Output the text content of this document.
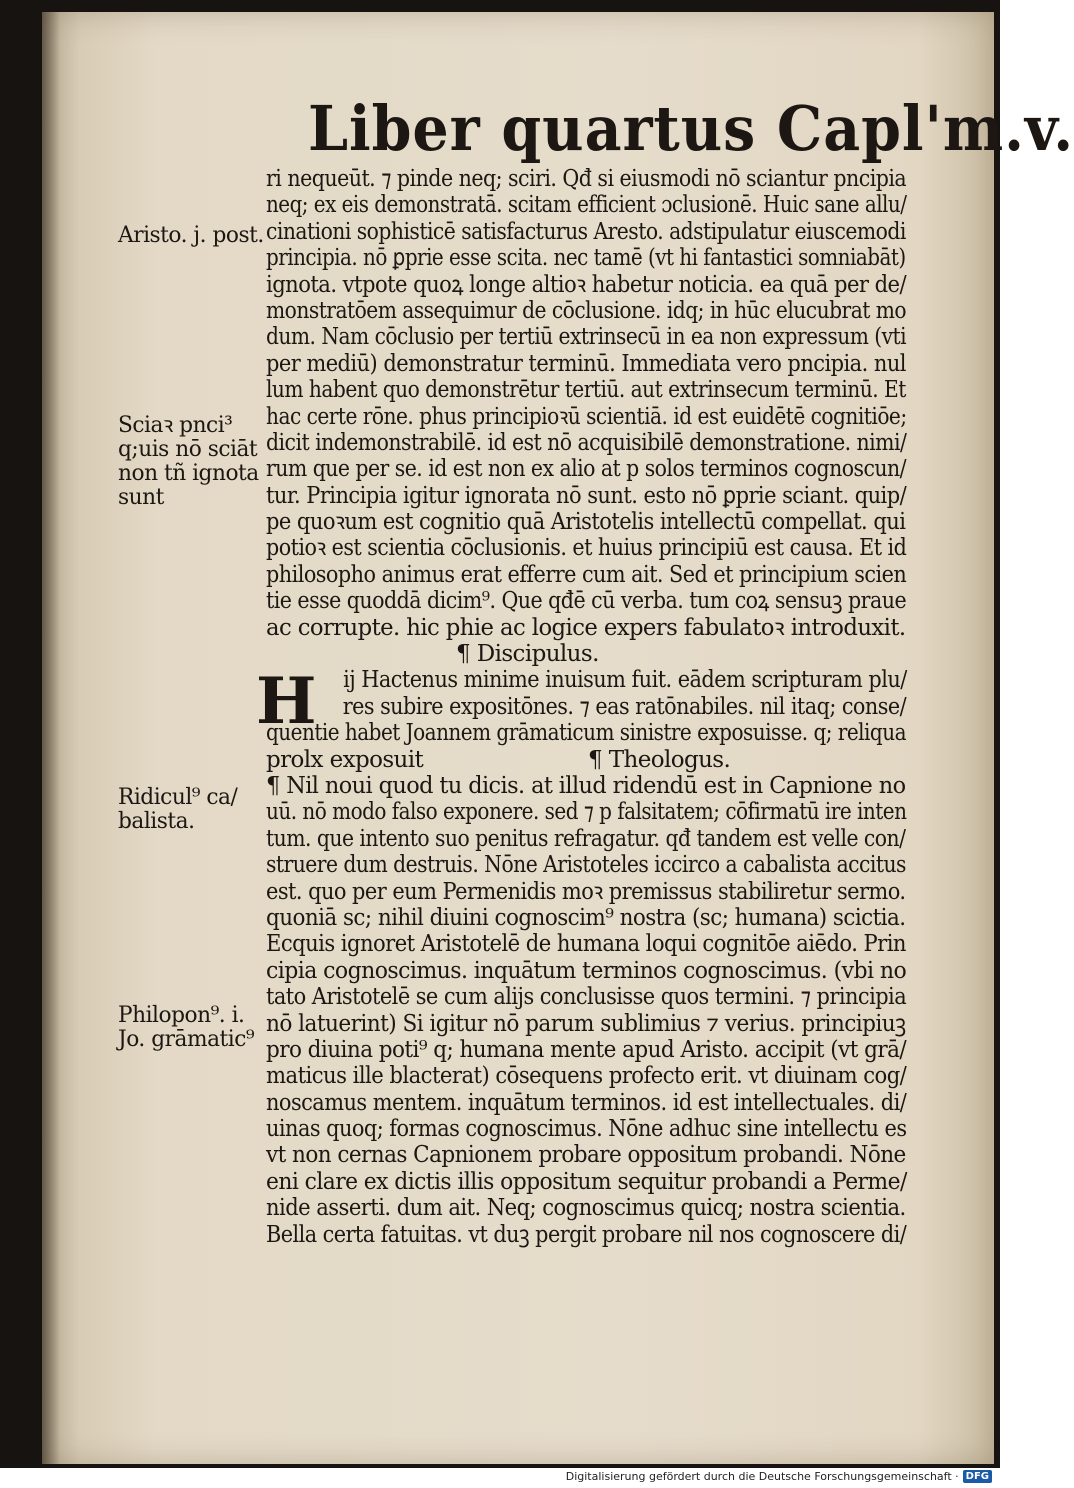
Liber quartus Capl'm.v.
ri nequeūt. ⁊ pinde neq; sciri. Qđ si eiusmodi nō sciantur pncipia
neq; ex eis demonstratā. scitam efficient ɔclusionē. Huic sane allu/
cinationi sophisticē satisfacturus Aresto. adstipulatur eiuscemodi
principia. nō ꝑprie esse scita. nec tamē (vt hi fantastici somniabāt)
ignota. vtpote quoꝝ longe altioꝛ habetur noticia. ea quā per de/
monstratōem assequimur de cōclusione. idq; in hūc elucubrat mo
dum. Nam cōclusio per tertiū extrinsecū in ea non expressum (vti
per mediū) demonstratur terminū. Immediata vero pncipia. nul
lum habent quo demonstrētur tertiū. aut extrinsecum terminū. Et
hac certe rōne. phus principioꝛū scientiā. id est euidētē cognitiōe;
dicit indemonstrabilē. id est nō acquisibilē demonstratione. nimi/
rum que per se. id est non ex alio at p solos terminos cognoscun/
tur. Principia igitur ignorata nō sunt. esto nō ꝑprie sciant. quip/
pe quoꝛum est cognitio quā Aristotelis intellectū compellat. qui
potioꝛ est scientia cōclusionis. et huius principiū est causa. Et id
philosopho animus erat efferre cum ait. Sed et principium scien
tie esse quoddā dicim⁹. Que qđē cū verba. tum coꝝ sensuꝫ praue
ac corrupte. hic phie ac logice expers fabulatoꝛ introduxit.
¶ Discipulus.
ij Hactenus minime inuisum fuit. eādem scripturam plu/
res subire expositōnes. ⁊ eas ratōnabiles. nil itaq; conse/
quentie habet Joannem grāmaticum sinistre exposuisse. q; reliqua
prolx exposuit	¶ Theologus.
¶ Nil noui quod tu dicis. at illud ridendū est in Capnione no
uū. nō modo falso exponere. sed ⁊ p falsitatem; cōfirmatū ire inten
tum. que intento suo penitus refragatur. qđ tandem est velle con/
struere dum destruis. Nōne Aristoteles iccirco a cabalista accitus
est. quo per eum Permenidis moꝛ premissus stabiliretur sermo.
quoniā sc; nihil diuini cognoscim⁹ nostra (sc; humana) scictia.
Ecquis ignoret Aristotelē de humana loqui cognitōe aiēdo. Prin
cipia cognoscimus. inquātum terminos cognoscimus. (vbi no
tato Aristotelē se cum alijs conclusisse quos termini. ⁊ principia
nō latuerint) Si igitur nō parum sublimius ⁊ verius. principiuꝫ
pro diuina poti⁹ q; humana mente apud Aristo. accipit (vt grā/
maticus ille blacterat) cōsequens profecto erit. vt diuinam cog/
noscamus mentem. inquātum terminos. id est intellectuales. di/
uinas quoq; formas cognoscimus. Nōne adhuc sine intellectu es
vt non cernas Capnionem probare oppositum probandi. Nōne
eni clare ex dictis illis oppositum sequitur probandi a Perme/
nide asserti. dum ait. Neq; cognoscimus quicq; nostra scientia.
Bella certa fatuitas. vt duꝫ pergit probare nil nos cognoscere di/
H
Aristo. j. post.
Sciaꝛ pnci³
q;uis nō sciāt
non tñ ignota
sunt
Ridicul⁹ ca/
balista.
Philopon⁹. i.
Jo. grāmatic⁹
Digitalisierung gefördert durch die Deutsche Forschungsgemeinschaft · DFG
